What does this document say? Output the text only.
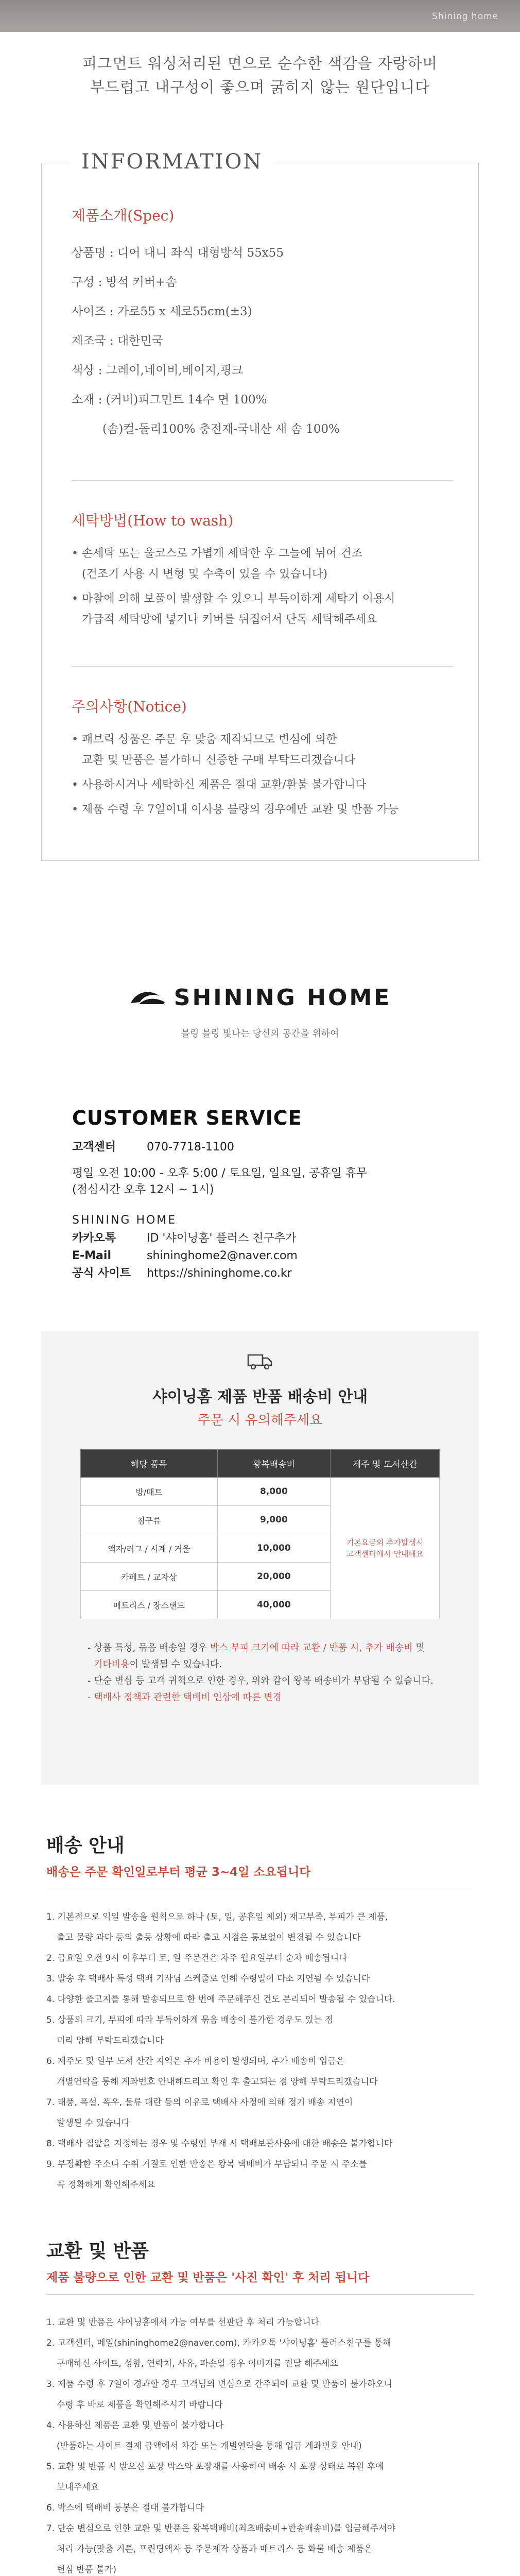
Shining home

피그먼트 워싱처리된 면으로 순수한 색감을 자랑하며

부드럽고 내구성이 좋으며 굵히지 않는 원단입니다

INFORMATION
제품소개(Spec)
상품명 : 디어 대니 좌식 대형방석 55x55
구성 : 방석 커버+솜
사이즈 : 가로55 x 세로55cm(±3)
제조국 : 대한민국
색상 : 그레이,네이비,베이지,핑크
소재 : (커버)피그먼트 14수 면 100%
(솜)컬-돌리100% 충전재-국내산 새 솜 100%
세탁방법(How to wash)
• 손세탁 또는 울코스로 가볍게 세탁한 후 그늘에 뉘어 건조
(건조기 사용 시 변형 및 수축이 있을 수 있습니다)
• 마찰에 의해 보풀이 발생할 수 있으니 부득이하게 세탁기 이용시
가급적 세탁망에 넣거나 커버를 뒤집어서 단독 세탁해주세요
주의사항(Notice)
• 패브릭 상품은 주문 후 맞춤 제작되므로 변심에 의한
교환 및 반품은 불가하니 신중한 구매 부탁드리겠습니다
• 사용하시거나 세탁하신 제품은 절대 교환/환불 불가합니다
• 제품 수령 후 7일이내 이사용 불량의 경우에만 교환 및 반품 가능
SHINING HOME
블링 블링 빛나는 당신의 공간을 위하여
CUSTOMER SERVICE
고객센터	070-7718-1100
평일 오전 10:00 - 오후 5:00 / 토요일, 일요일, 공휴일 휴무
(점심시간 오후 12시 ~ 1시)
SHINING HOME
카카오톡	ID '샤이닝홈' 플러스 친구추가
E-Mail	shininghome2@naver.com
공식 사이트	https://shininghome.co.kr
샤이닝홈 제품 반품 배송비 안내
주문 시 유의해주세요
해당 품목	왕복배송비	제주 및 도서산간
방/매트	8,000	기본요금외 추가발생시
고객센터에서 안내해요

침구류	9,000	
액자/러그 / 시계 / 거울	10,000	
카페트 / 교자상	20,000	
매트리스 / 장스탠드	40,000	
- 상품 특성, 묶음 배송일 경우 박스 부피 크기에 따라 교환 / 반품 시, 추가 배송비 및
기타비용이 발생될 수 있습니다.
- 단순 변심 등 고객 귀책으로 인한 경우, 위와 같이 왕복 배송비가 부담될 수 있습니다.
- 택배사 정책과 관련한 택배비 인상에 따른 변경
배송 안내
배송은 주문 확인일로부터 평균 3~4일 소요됩니다
1. 기본적으로 익일 발송을 원칙으로 하나 (토, 일, 공휴일 제외) 재고부족, 부피가 큰 제품,
출고 물량 과다 등의 출동 상황에 따라 출고 시점은 통보없이 변경될 수 있습니다
2. 금요일 오전 9시 이후부터 토, 일 주문건은 차주 월요일부터 순차 배송됩니다
3. 발송 후 택배사 특성 택배 기사님 스케줄로 인해 수령일이 다소 지연될 수 있습니다
4. 다양한 출고지를 통해 발송되므로 한 번에 주문해주신 건도 분리되어 발송될 수 있습니다.
5. 상품의 크기, 부피에 따라 부득이하게 묶음 배송이 불가한 경우도 있는 점
미리 양해 부탁드리겠습니다
6. 제주도 및 일부 도서 산간 지역은 추가 비용이 발생되며, 추가 배송비 입금은
개별연락을 통해 계좌번호 안내해드리고 확인 후 출고되는 점 양해 부탁드리겠습니다
7. 태풍, 폭설, 폭우, 물류 대란 등의 이유로 택배사 사정에 의해 정기 배송 지연이
발생될 수 있습니다
8. 택배사 집앞을 지정하는 경우 및 수령인 부재 시 택배보관사용에 대한 배송은 불가합니다
9. 부정확한 주소나 수취 거절로 인한 반송은 왕복 택배비가 부담되니 주문 시 주소를
꼭 정확하게 확인해주세요
교환 및 반품
제품 불량으로 인한 교환 및 반품은 '사진 확인' 후 처리 됩니다
1. 교환 및 반품은 샤이닝홈에서 가능 여부를 선판단 후 처리 가능합니다
2. 고객센터, 메일(shininghome2@naver.com), 카카오톡 '샤이닝홈' 플러스친구를 통해
구매하신 사이트, 성함, 연락처, 사유, 파손일 경우 이미지를 전달 해주세요
3. 제품 수령 후 7일이 경과할 경우 고객님의 변심으로 간주되어 교환 및 반품이 불가하오니
수령 후 바로 제품을 확인해주시기 바랍니다
4. 사용하신 제품은 교환 및 반품이 불가합니다
(반품하는 사이트 결제 금액에서 차감 또는 개별연락을 통해 입금 계좌번호 안내)
5. 교환 및 반품 시 받으신 포장 박스와 포장재를 사용하여 배송 시 포장 상태로 복원 후에
보내주세요
6. 박스에 택배비 동봉은 절대 불가합니다
7. 단순 변심으로 인한 교환 및 반품은 왕복택배비(최초배송비+반송배송비)를 입금해주셔야
처리 가능(맞춤 커튼, 프린팅액자 등 주문제작 상품과 매트리스 등 화물 배송 제품은
변심 반품 불가)
